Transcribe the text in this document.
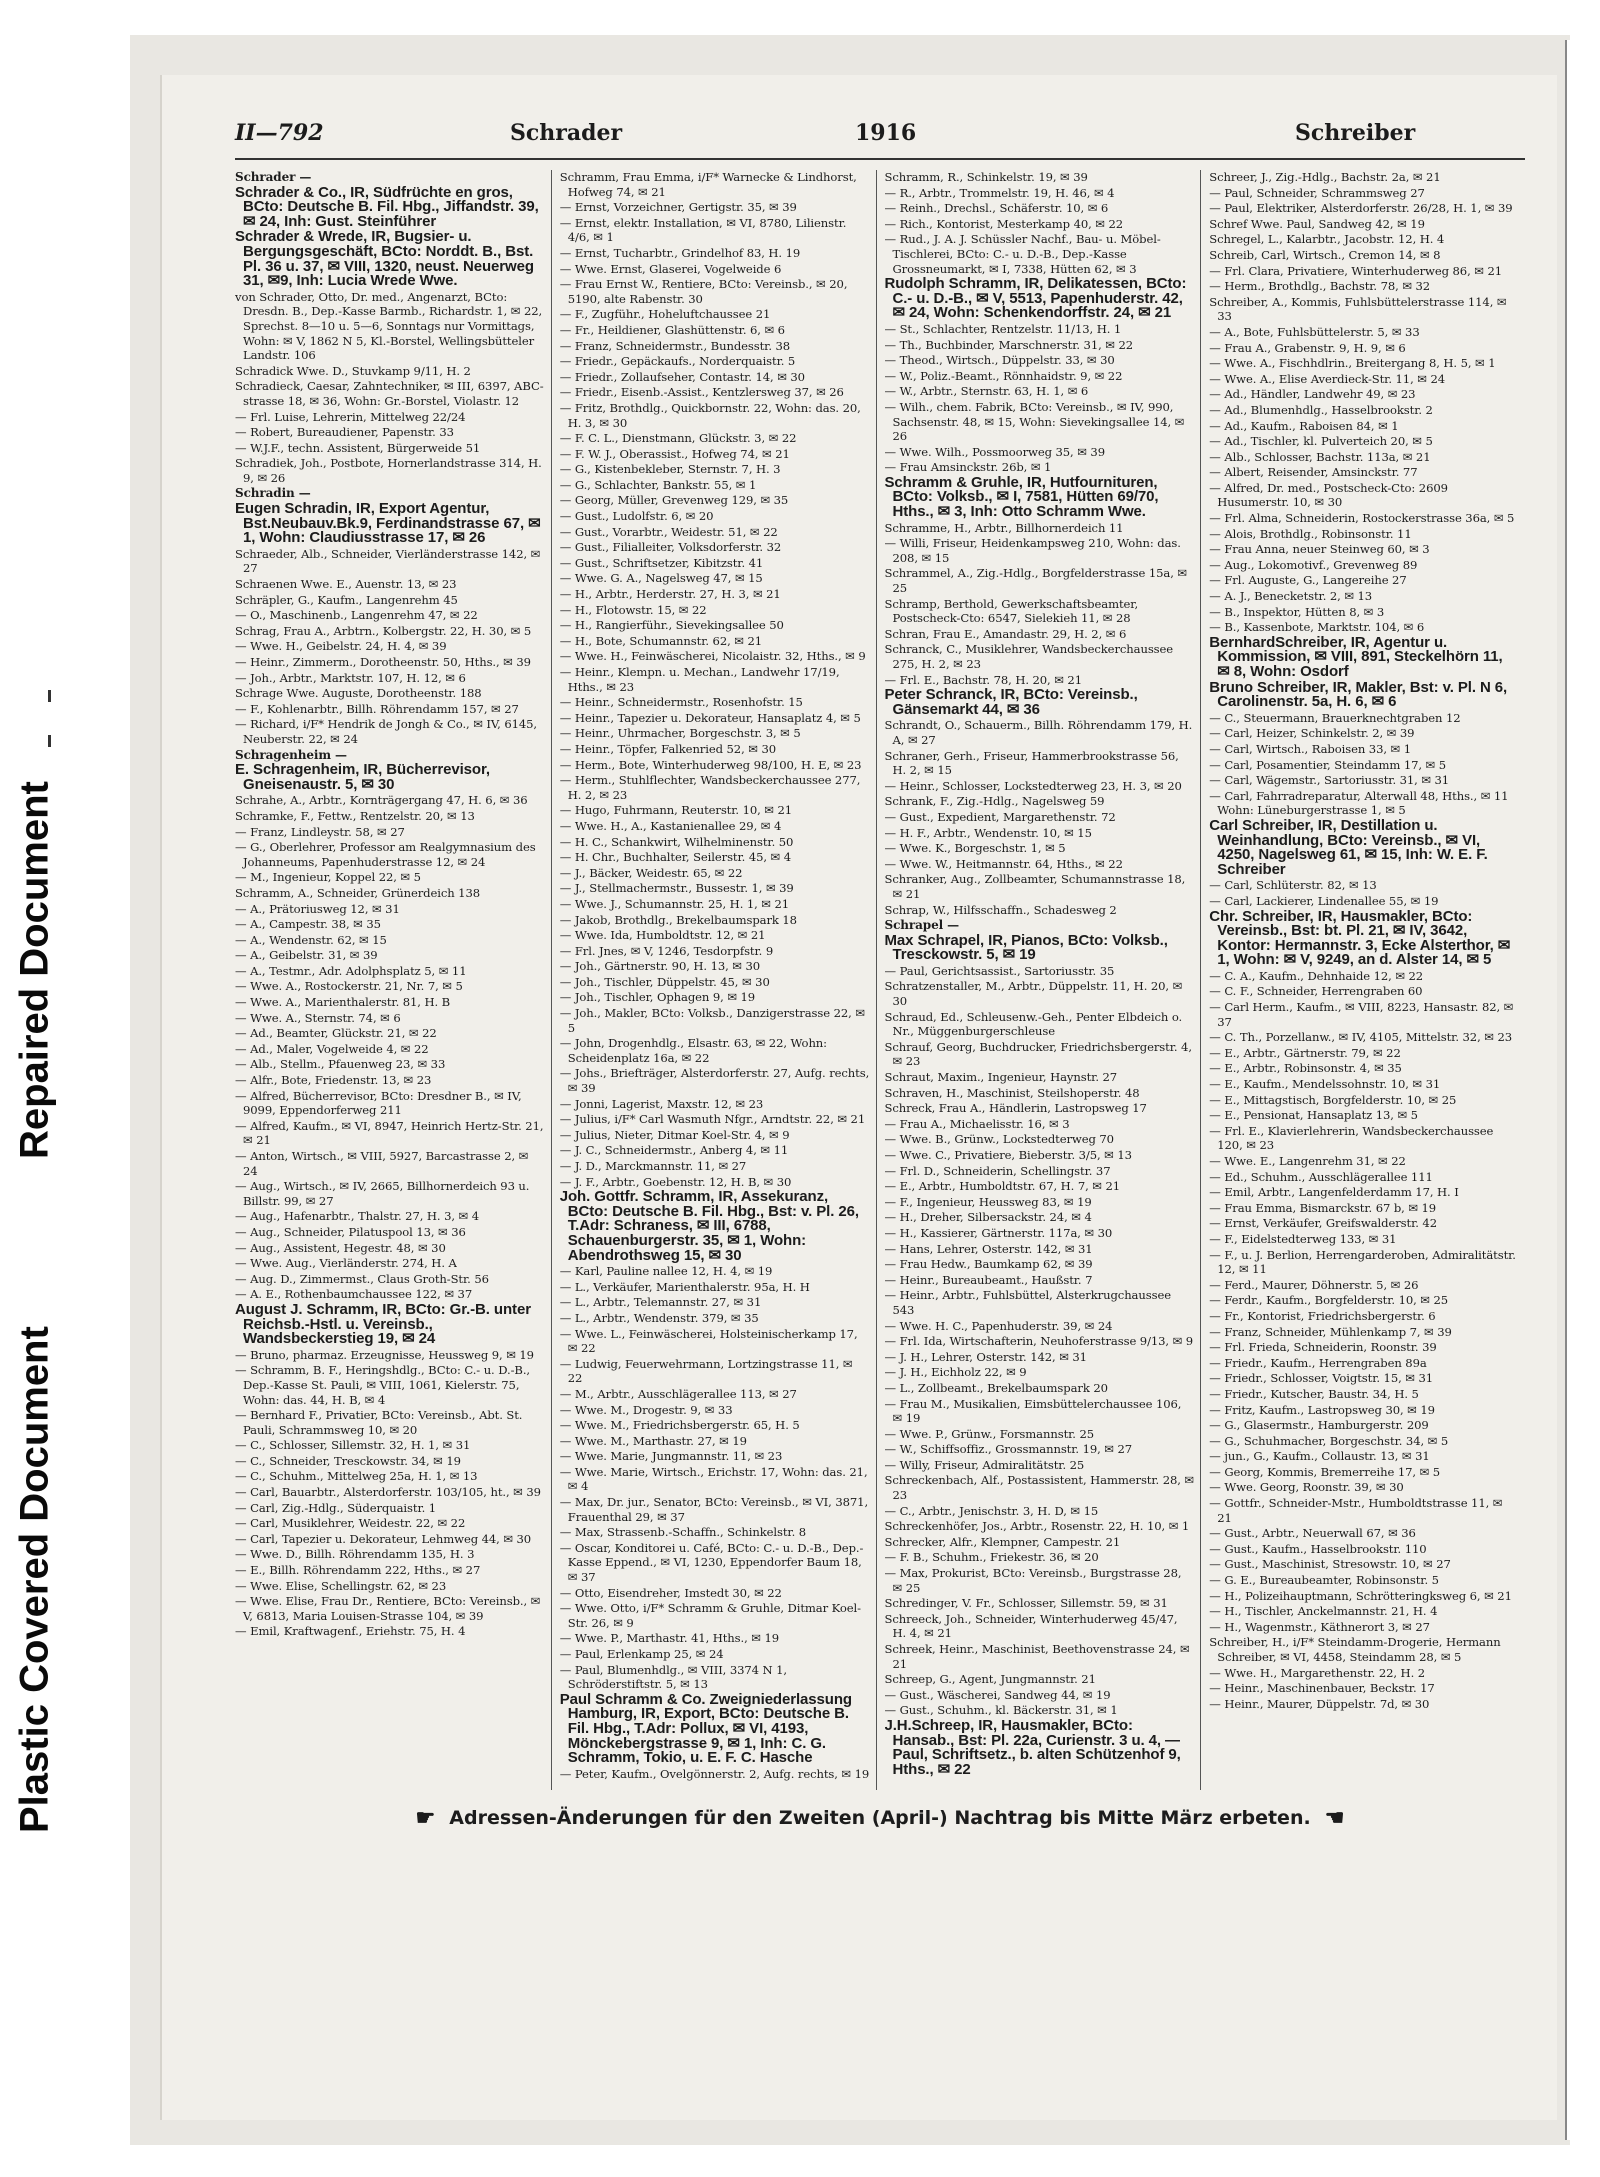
Repaired Document
Plastic Covered Document
II—792	Schrader	1916	Schreiber
Schrader —
Schrader & Co., IR, Südfrüchte en gros, BCto: Deutsche B. Fil. Hbg., Jiffandstr. 39, ✉ 24, Inh: Gust. Steinführer
Schrader & Wrede, IR, Bugsier- u. Bergungsgeschäft, BCto: Norddt. B., Bst. Pl. 36 u. 37, ✉ VIII, 1320, neust. Neuerweg 31, ✉9, Inh: Lucia Wrede Wwe.
von Schrader, Otto, Dr. med., Angenarzt, BCto: Dresdn. B., Dep.-Kasse Barmb., Richardstr. 1, ✉ 22, Sprechst. 8—10 u. 5—6, Sonntags nur Vormittags, Wohn: ✉ V, 1862 N 5, Kl.-Borstel, Wellingsbütteler Landstr. 106
Schradick Wwe. D., Stuvkamp 9/11, H. 2
Schradieck, Caesar, Zahntechniker, ✉ III, 6397, ABC-strasse 18, ✉ 36, Wohn: Gr.-Borstel, Violastr. 12
— Frl. Luise, Lehrerin, Mittelweg 22/24
— Robert, Bureaudiener, Papenstr. 33
— W.J.F., techn. Assistent, Bürgerweide 51
Schradiek, Joh., Postbote, Hornerlandstrasse 314, H. 9, ✉ 26
Schradin —
Eugen Schradin, IR, Export Agentur, Bst.Neubauv.Bk.9, Ferdinandstrasse 67, ✉ 1, Wohn: Claudiusstrasse 17, ✉ 26
Schraeder, Alb., Schneider, Vierländerstrasse 142, ✉ 27
Schraenen Wwe. E., Auenstr. 13, ✉ 23
Schräpler, G., Kaufm., Langenrehm 45
— O., Maschinenb., Langenrehm 47, ✉ 22
Schrag, Frau A., Arbtrn., Kolbergstr. 22, H. 30, ✉ 5
— Wwe. H., Geibelstr. 24, H. 4, ✉ 39
— Heinr., Zimmerm., Dorotheenstr. 50, Hths., ✉ 39
— Joh., Arbtr., Marktstr. 107, H. 12, ✉ 6
Schrage Wwe. Auguste, Dorotheenstr. 188
— F., Kohlenarbtr., Billh. Röhrendamm 157, ✉ 27
— Richard, i/F* Hendrik de Jongh & Co., ✉ IV, 6145, Neuberstr. 22, ✉ 24
Schragenheim —
E. Schragenheim, IR, Bücherrevisor, Gneisenaustr. 5, ✉ 30
Schrahe, A., Arbtr., Kornträgergang 47, H. 6, ✉ 36
Schramke, F., Fettw., Rentzelstr. 20, ✉ 13
— Franz, Lindleystr. 58, ✉ 27
— G., Oberlehrer, Professor am Realgymnasium des Johanneums, Papenhuderstrasse 12, ✉ 24
— M., Ingenieur, Koppel 22, ✉ 5
Schramm, A., Schneider, Grünerdeich 138
— A., Prätoriusweg 12, ✉ 31
— A., Campestr. 38, ✉ 35
— A., Wendenstr. 62, ✉ 15
— A., Geibelstr. 31, ✉ 39
— A., Testmr., Adr. Adolphsplatz 5, ✉ 11
— Wwe. A., Rostockerstr. 21, Nr. 7, ✉ 5
— Wwe. A., Marienthalerstr. 81, H. B
— Wwe. A., Sternstr. 74, ✉ 6
— Ad., Beamter, Glückstr. 21, ✉ 22
— Ad., Maler, Vogelweide 4, ✉ 22
— Alb., Stellm., Pfauenweg 23, ✉ 33
— Alfr., Bote, Friedenstr. 13, ✉ 23
— Alfred, Bücherrevisor, BCto: Dresdner B., ✉ IV, 9099, Eppendorferweg 211
— Alfred, Kaufm., ✉ VI, 8947, Heinrich Hertz-Str. 21, ✉ 21
— Anton, Wirtsch., ✉ VIII, 5927, Barcastrasse 2, ✉ 24
— Aug., Wirtsch., ✉ IV, 2665, Billhornerdeich 93 u. Billstr. 99, ✉ 27
— Aug., Hafenarbtr., Thalstr. 27, H. 3, ✉ 4
— Aug., Schneider, Pilatuspool 13, ✉ 36
— Aug., Assistent, Hegestr. 48, ✉ 30
— Wwe. Aug., Vierländerstr. 274, H. A
— Aug. D., Zimmermst., Claus Groth-Str. 56
— A. E., Rothenbaumchaussee 122, ✉ 37
August J. Schramm, IR, BCto: Gr.-B. unter Reichsb.-Hstl. u. Vereinsb., Wandsbeckerstieg 19, ✉ 24
— Bruno, pharmaz. Erzeugnisse, Heussweg 9, ✉ 19
— Schramm, B. F., Heringshdlg., BCto: C.- u. D.-B., Dep.-Kasse St. Pauli, ✉ VIII, 1061, Kielerstr. 75, Wohn: das. 44, H. B, ✉ 4
— Bernhard F., Privatier, BCto: Vereinsb., Abt. St. Pauli, Schrammsweg 10, ✉ 20
— C., Schlosser, Sillemstr. 32, H. 1, ✉ 31
— C., Schneider, Tresckowstr. 34, ✉ 19
— C., Schuhm., Mittelweg 25a, H. 1, ✉ 13
— Carl, Bauarbtr., Alsterdorferstr. 103/105, ht., ✉ 39
— Carl, Zig.-Hdlg., Süderquaistr. 1
— Carl, Musiklehrer, Weidestr. 22, ✉ 22
— Carl, Tapezier u. Dekorateur, Lehmweg 44, ✉ 30
— Wwe. D., Billh. Röhrendamm 135, H. 3
— E., Billh. Röhrendamm 222, Hths., ✉ 27
— Wwe. Elise, Schellingstr. 62, ✉ 23
— Wwe. Elise, Frau Dr., Rentiere, BCto: Vereinsb., ✉ V, 6813, Maria Louisen-Strasse 104, ✉ 39
— Emil, Kraftwagenf., Eriehstr. 75, H. 4
Schramm, Frau Emma, i/F* Warnecke & Lindhorst, Hofweg 74, ✉ 21
— Ernst, Vorzeichner, Gertigstr. 35, ✉ 39
— Ernst, elektr. Installation, ✉ VI, 8780, Lilienstr. 4/6, ✉ 1
— Ernst, Tucharbtr., Grindelhof 83, H. 19
— Wwe. Ernst, Glaserei, Vogelweide 6
— Frau Ernst W., Rentiere, BCto: Vereinsb., ✉ 20, 5190, alte Rabenstr. 30
— F., Zugführ., Hoheluftchaussee 21
— Fr., Heildiener, Glashüttenstr. 6, ✉ 6
— Franz, Schneidermstr., Bundesstr. 38
— Friedr., Gepäckaufs., Norderquaistr. 5
— Friedr., Zollaufseher, Contastr. 14, ✉ 30
— Friedr., Eisenb.-Assist., Kentzlersweg 37, ✉ 26
— Fritz, Brothdlg., Quickbornstr. 22, Wohn: das. 20, H. 3, ✉ 30
— F. C. L., Dienstmann, Glückstr. 3, ✉ 22
— F. W. J., Oberassist., Hofweg 74, ✉ 21
— G., Kistenbekleber, Sternstr. 7, H. 3
— G., Schlachter, Bankstr. 55, ✉ 1
— Georg, Müller, Grevenweg 129, ✉ 35
— Gust., Ludolfstr. 6, ✉ 20
— Gust., Vorarbtr., Weidestr. 51, ✉ 22
— Gust., Filialleiter, Volksdorferstr. 32
— Gust., Schriftsetzer, Kibitzstr. 41
— Wwe. G. A., Nagelsweg 47, ✉ 15
— H., Arbtr., Herderstr. 27, H. 3, ✉ 21
— H., Flotowstr. 15, ✉ 22
— H., Rangierführ., Sievekingsallee 50
— H., Bote, Schumannstr. 62, ✉ 21
— Wwe. H., Feinwäscherei, Nicolaistr. 32, Hths., ✉ 9
— Heinr., Klempn. u. Mechan., Landwehr 17/19, Hths., ✉ 23
— Heinr., Schneidermstr., Rosenhofstr. 15
— Heinr., Tapezier u. Dekorateur, Hansaplatz 4, ✉ 5
— Heinr., Uhrmacher, Borgeschstr. 3, ✉ 5
— Heinr., Töpfer, Falkenried 52, ✉ 30
— Herm., Bote, Winterhuderweg 98/100, H. E, ✉ 23
— Herm., Stuhlflechter, Wandsbeckerchaussee 277, H. 2, ✉ 23
— Hugo, Fuhrmann, Reuterstr. 10, ✉ 21
— Wwe. H., A., Kastanienallee 29, ✉ 4
— H. C., Schankwirt, Wilhelminenstr. 50
— H. Chr., Buchhalter, Seilerstr. 45, ✉ 4
— J., Bäcker, Weidestr. 65, ✉ 22
— J., Stellmachermstr., Bussestr. 1, ✉ 39
— Wwe. J., Schumannstr. 25, H. 1, ✉ 21
— Jakob, Brothdlg., Brekelbaumspark 18
— Wwe. Ida, Humboldtstr. 12, ✉ 21
— Frl. Jnes, ✉ V, 1246, Tesdorpfstr. 9
— Joh., Gärtnerstr. 90, H. 13, ✉ 30
— Joh., Tischler, Düppelstr. 45, ✉ 30
— Joh., Tischler, Ophagen 9, ✉ 19
— Joh., Makler, BCto: Volksb., Danzigerstrasse 22, ✉ 5
— John, Drogenhdlg., Elsastr. 63, ✉ 22, Wohn: Scheidenplatz 16a, ✉ 22
— Johs., Briefträger, Alsterdorferstr. 27, Aufg. rechts, ✉ 39
— Jonni, Lagerist, Maxstr. 12, ✉ 23
— Julius, i/F* Carl Wasmuth Nfgr., Arndtstr. 22, ✉ 21
— Julius, Nieter, Ditmar Koel-Str. 4, ✉ 9
— J. C., Schneidermstr., Anberg 4, ✉ 11
— J. D., Marckmannstr. 11, ✉ 27
— J. F., Arbtr., Goebenstr. 12, H. B, ✉ 30
Joh. Gottfr. Schramm, IR, Assekuranz, BCto: Deutsche B. Fil. Hbg., Bst: v. Pl. 26, T.Adr: Schraness, ✉ III, 6788, Schauenburgerstr. 35, ✉ 1, Wohn: Abendrothsweg 15, ✉ 30
— Karl, Pauline nallee 12, H. 4, ✉ 19
— L., Verkäufer, Marienthalerstr. 95a, H. H
— L., Arbtr., Telemannstr. 27, ✉ 31
— L., Arbtr., Wendenstr. 379, ✉ 35
— Wwe. L., Feinwäscherei, Holsteinischerkamp 17, ✉ 22
— Ludwig, Feuerwehrmann, Lortzingstrasse 11, ✉ 22
— M., Arbtr., Ausschlägerallee 113, ✉ 27
— Wwe. M., Drogestr. 9, ✉ 33
— Wwe. M., Friedrichsbergerstr. 65, H. 5
— Wwe. M., Marthastr. 27, ✉ 19
— Wwe. Marie, Jungmannstr. 11, ✉ 23
— Wwe. Marie, Wirtsch., Erichstr. 17, Wohn: das. 21, ✉ 4
— Max, Dr. jur., Senator, BCto: Vereinsb., ✉ VI, 3871, Frauenthal 29, ✉ 37
— Max, Strassenb.-Schaffn., Schinkelstr. 8
— Oscar, Konditorei u. Café, BCto: C.- u. D.-B., Dep.-Kasse Eppend., ✉ VI, 1230, Eppendorfer Baum 18, ✉ 37
— Otto, Eisendreher, Imstedt 30, ✉ 22
— Wwe. Otto, i/F* Schramm & Gruhle, Ditmar Koel-Str. 26, ✉ 9
— Wwe. P., Marthastr. 41, Hths., ✉ 19
— Paul, Erlenkamp 25, ✉ 24
— Paul, Blumenhdlg., ✉ VIII, 3374 N 1, Schröderstiftstr. 5, ✉ 13
Paul Schramm & Co. Zweigniederlassung Hamburg, IR, Export, BCto: Deutsche B. Fil. Hbg., T.Adr: Pollux, ✉ VI, 4193, Mönckebergstrasse 9, ✉ 1, Inh: C. G. Schramm, Tokio, u. E. F. C. Hasche
— Peter, Kaufm., Ovelgönnerstr. 2, Aufg. rechts, ✉ 19
Schramm, R., Schinkelstr. 19, ✉ 39
— R., Arbtr., Trommelstr. 19, H. 46, ✉ 4
— Reinh., Drechsl., Schäferstr. 10, ✉ 6
— Rich., Kontorist, Mesterkamp 40, ✉ 22
— Rud., J. A. J. Schüssler Nachf., Bau- u. Möbel-Tischlerei, BCto: C.- u. D.-B., Dep.-Kasse Grossneumarkt, ✉ I, 7338, Hütten 62, ✉ 3
Rudolph Schramm, IR, Delikatessen, BCto: C.- u. D.-B., ✉ V, 5513, Papenhuderstr. 42, ✉ 24, Wohn: Schenkendorffstr. 24, ✉ 21
— St., Schlachter, Rentzelstr. 11/13, H. 1
— Th., Buchbinder, Marschnerstr. 31, ✉ 22
— Theod., Wirtsch., Düppelstr. 33, ✉ 30
— W., Poliz.-Beamt., Rönnhaidstr. 9, ✉ 22
— W., Arbtr., Sternstr. 63, H. 1, ✉ 6
— Wilh., chem. Fabrik, BCto: Vereinsb., ✉ IV, 990, Sachsenstr. 48, ✉ 15, Wohn: Sievekingsallee 14, ✉ 26
— Wwe. Wilh., Possmoorweg 35, ✉ 39
— Frau Amsinckstr. 26b, ✉ 1
Schramm & Gruhle, IR, Hutfournituren, BCto: Volksb., ✉ I, 7581, Hütten 69/70, Hths., ✉ 3, Inh: Otto Schramm Wwe.
Schramme, H., Arbtr., Billhornerdeich 11
— Willi, Friseur, Heidenkampsweg 210, Wohn: das. 208, ✉ 15
Schrammel, A., Zig.-Hdlg., Borgfelderstrasse 15a, ✉ 25
Schramp, Berthold, Gewerkschaftsbeamter, Postscheck-Cto: 6547, Sielekieh 11, ✉ 28
Schran, Frau E., Amandastr. 29, H. 2, ✉ 6
Schranck, C., Musiklehrer, Wandsbeckerchaussee 275, H. 2, ✉ 23
— Frl. E., Bachstr. 78, H. 20, ✉ 21
Peter Schranck, IR, BCto: Vereinsb., Gänsemarkt 44, ✉ 36
Schrandt, O., Schauerm., Billh. Röhrendamm 179, H. A, ✉ 27
Schraner, Gerh., Friseur, Hammerbrookstrasse 56, H. 2, ✉ 15
— Heinr., Schlosser, Lockstedterweg 23, H. 3, ✉ 20
Schrank, F., Zig.-Hdlg., Nagelsweg 59
— Gust., Expedient, Margarethenstr. 72
— H. F., Arbtr., Wendenstr. 10, ✉ 15
— Wwe. K., Borgeschstr. 1, ✉ 5
— Wwe. W., Heitmannstr. 64, Hths., ✉ 22
Schranker, Aug., Zollbeamter, Schumannstrasse 18, ✉ 21
Schrap, W., Hilfsschaffn., Schadesweg 2
Schrapel —
Max Schrapel, IR, Pianos, BCto: Volksb., Tresckowstr. 5, ✉ 19
— Paul, Gerichtsassist., Sartoriusstr. 35
Schratzenstaller, M., Arbtr., Düppelstr. 11, H. 20, ✉ 30
Schraud, Ed., Schleusenw.-Geh., Penter Elbdeich o. Nr., Müggenburgerschleuse
Schrauf, Georg, Buchdrucker, Friedrichsbergerstr. 4, ✉ 23
Schraut, Maxim., Ingenieur, Haynstr. 27
Schraven, H., Maschinist, Steilshoperstr. 48
Schreck, Frau A., Händlerin, Lastropsweg 17
— Frau A., Michaelisstr. 16, ✉ 3
— Wwe. B., Grünw., Lockstedterweg 70
— Wwe. C., Privatiere, Bieberstr. 3/5, ✉ 13
— Frl. D., Schneiderin, Schellingstr. 37
— E., Arbtr., Humboldtstr. 67, H. 7, ✉ 21
— F., Ingenieur, Heussweg 83, ✉ 19
— H., Dreher, Silbersackstr. 24, ✉ 4
— H., Kassierer, Gärtnerstr. 117a, ✉ 30
— Hans, Lehrer, Osterstr. 142, ✉ 31
— Frau Hedw., Baumkamp 62, ✉ 39
— Heinr., Bureaubeamt., Haußstr. 7
— Heinr., Arbtr., Fuhlsbüttel, Alsterkrugchaussee 543
— Wwe. H. C., Papenhuderstr. 39, ✉ 24
— Frl. Ida, Wirtschafterin, Neuhoferstrasse 9/13, ✉ 9
— J. H., Lehrer, Osterstr. 142, ✉ 31
— J. H., Eichholz 22, ✉ 9
— L., Zollbeamt., Brekelbaumspark 20
— Frau M., Musikalien, Eimsbüttelerchaussee 106, ✉ 19
— Wwe. P., Grünw., Forsmannstr. 25
— W., Schiffsoffiz., Grossmannstr. 19, ✉ 27
— Willy, Friseur, Admiralitätstr. 25
Schreckenbach, Alf., Postassistent, Hammerstr. 28, ✉ 23
— C., Arbtr., Jenischstr. 3, H. D, ✉ 15
Schreckenhöfer, Jos., Arbtr., Rosenstr. 22, H. 10, ✉ 1
Schrecker, Alfr., Klempner, Campestr. 21
— F. B., Schuhm., Friekestr. 36, ✉ 20
— Max, Prokurist, BCto: Vereinsb., Burgstrasse 28, ✉ 25
Schredinger, V. Fr., Schlosser, Sillemstr. 59, ✉ 31
Schreeck, Joh., Schneider, Winterhuderweg 45/47, H. 4, ✉ 21
Schreek, Heinr., Maschinist, Beethovenstrasse 24, ✉ 21
Schreep, G., Agent, Jungmannstr. 21
— Gust., Wäscherei, Sandweg 44, ✉ 19
— Gust., Schuhm., kl. Bäckerstr. 31, ✉ 1
J.H.Schreep, IR, Hausmakler, BCto: Hansab., Bst: Pl. 22a, Curienstr. 3 u. 4, — Paul, Schriftsetz., b. alten Schützenhof 9, Hths., ✉ 22
Schreer, J., Zig.-Hdlg., Bachstr. 2a, ✉ 21
— Paul, Schneider, Schrammsweg 27
— Paul, Elektriker, Alsterdorferstr. 26/28, H. 1, ✉ 39
Schref Wwe. Paul, Sandweg 42, ✉ 19
Schregel, L., Kalarbtr., Jacobstr. 12, H. 4
Schreib, Carl, Wirtsch., Cremon 14, ✉ 8
— Frl. Clara, Privatiere, Winterhuderweg 86, ✉ 21
— Herm., Brothdlg., Bachstr. 78, ✉ 32
Schreiber, A., Kommis, Fuhlsbüttelerstrasse 114, ✉ 33
— A., Bote, Fuhlsbüttelerstr. 5, ✉ 33
— Frau A., Grabenstr. 9, H. 9, ✉ 6
— Wwe. A., Fischhdlrin., Breitergang 8, H. 5, ✉ 1
— Wwe. A., Elise Averdieck-Str. 11, ✉ 24
— Ad., Händler, Landwehr 49, ✉ 23
— Ad., Blumenhdlg., Hasselbrookstr. 2
— Ad., Kaufm., Raboisen 84, ✉ 1
— Ad., Tischler, kl. Pulverteich 20, ✉ 5
— Alb., Schlosser, Bachstr. 113a, ✉ 21
— Albert, Reisender, Amsinckstr. 77
— Alfred, Dr. med., Postscheck-Cto: 2609 Husumerstr. 10, ✉ 30
— Frl. Alma, Schneiderin, Rostockerstrasse 36a, ✉ 5
— Alois, Brothdlg., Robinsonstr. 11
— Frau Anna, neuer Steinweg 60, ✉ 3
— Aug., Lokomotivf., Grevenweg 89
— Frl. Auguste, G., Langereihe 27
— A. J., Benecketstr. 2, ✉ 13
— B., Inspektor, Hütten 8, ✉ 3
— B., Kassenbote, Marktstr. 104, ✉ 6
BernhardSchreiber, IR, Agentur u. Kommission, ✉ VIII, 891, Steckelhörn 11, ✉ 8, Wohn: Osdorf
Bruno Schreiber, IR, Makler, Bst: v. Pl. N 6, Carolinenstr. 5a, H. 6, ✉ 6
— C., Steuermann, Brauerknechtgraben 12
— Carl, Heizer, Schinkelstr. 2, ✉ 39
— Carl, Wirtsch., Raboisen 33, ✉ 1
— Carl, Posamentier, Steindamm 17, ✉ 5
— Carl, Wägemstr., Sartoriusstr. 31, ✉ 31
— Carl, Fahrradreparatur, Alterwall 48, Hths., ✉ 11 Wohn: Lüneburgerstrasse 1, ✉ 5
Carl Schreiber, IR, Destillation u. Weinhandlung, BCto: Vereinsb., ✉ VI, 4250, Nagelsweg 61, ✉ 15, Inh: W. E. F. Schreiber
— Carl, Schlüterstr. 82, ✉ 13
— Carl, Lackierer, Lindenallee 55, ✉ 19
Chr. Schreiber, IR, Hausmakler, BCto: Vereinsb., Bst: bt. Pl. 21, ✉ IV, 3642, Kontor: Hermannstr. 3, Ecke Alsterthor, ✉ 1, Wohn: ✉ V, 9249, an d. Alster 14, ✉ 5
— C. A., Kaufm., Dehnhaide 12, ✉ 22
— C. F., Schneider, Herrengraben 60
— Carl Herm., Kaufm., ✉ VIII, 8223, Hansastr. 82, ✉ 37
— C. Th., Porzellanw., ✉ IV, 4105, Mittelstr. 32, ✉ 23
— E., Arbtr., Gärtnerstr. 79, ✉ 22
— E., Arbtr., Robinsonstr. 4, ✉ 35
— E., Kaufm., Mendelssohnstr. 10, ✉ 31
— E., Mittagstisch, Borgfelderstr. 10, ✉ 25
— E., Pensionat, Hansaplatz 13, ✉ 5
— Frl. E., Klavierlehrerin, Wandsbeckerchaussee 120, ✉ 23
— Wwe. E., Langenrehm 31, ✉ 22
— Ed., Schuhm., Ausschlägerallee 111
— Emil, Arbtr., Langenfelderdamm 17, H. I
— Frau Emma, Bismarckstr. 67 b, ✉ 19
— Ernst, Verkäufer, Greifswalderstr. 42
— F., Eidelstedterweg 133, ✉ 31
— F., u. J. Berlion, Herrengarderoben, Admiralitätstr. 12, ✉ 11
— Ferd., Maurer, Döhnerstr. 5, ✉ 26
— Ferdr., Kaufm., Borgfelderstr. 10, ✉ 25
— Fr., Kontorist, Friedrichsbergerstr. 6
— Franz, Schneider, Mühlenkamp 7, ✉ 39
— Frl. Frieda, Schneiderin, Roonstr. 39
— Friedr., Kaufm., Herrengraben 89a
— Friedr., Schlosser, Voigtstr. 15, ✉ 31
— Friedr., Kutscher, Baustr. 34, H. 5
— Fritz, Kaufm., Lastropsweg 30, ✉ 19
— G., Glasermstr., Hamburgerstr. 209
— G., Schuhmacher, Borgeschstr. 34, ✉ 5
— jun., G., Kaufm., Collaustr. 13, ✉ 31
— Georg, Kommis, Bremerreihe 17, ✉ 5
— Wwe. Georg, Roonstr. 39, ✉ 30
— Gottfr., Schneider-Mstr., Humboldtstrasse 11, ✉ 21
— Gust., Arbtr., Neuerwall 67, ✉ 36
— Gust., Kaufm., Hasselbrookstr. 110
— Gust., Maschinist, Stresowstr. 10, ✉ 27
— G. E., Bureaubeamter, Robinsonstr. 5
— H., Polizeihauptmann, Schrötteringksweg 6, ✉ 21
— H., Tischler, Anckelmannstr. 21, H. 4
— H., Wagenmstr., Käthnerort 3, ✉ 27
Schreiber, H., i/F* Steindamm-Drogerie, Hermann Schreiber, ✉ VI, 4458, Steindamm 28, ✉ 5
— Wwe. H., Margarethenstr. 22, H. 2
— Heinr., Maschinenbauer, Beckstr. 17
— Heinr., Maurer, Düppelstr. 7d, ✉ 30
☛ Adressen-Änderungen für den Zweiten (April-) Nachtrag bis Mitte März erbeten. ☚
